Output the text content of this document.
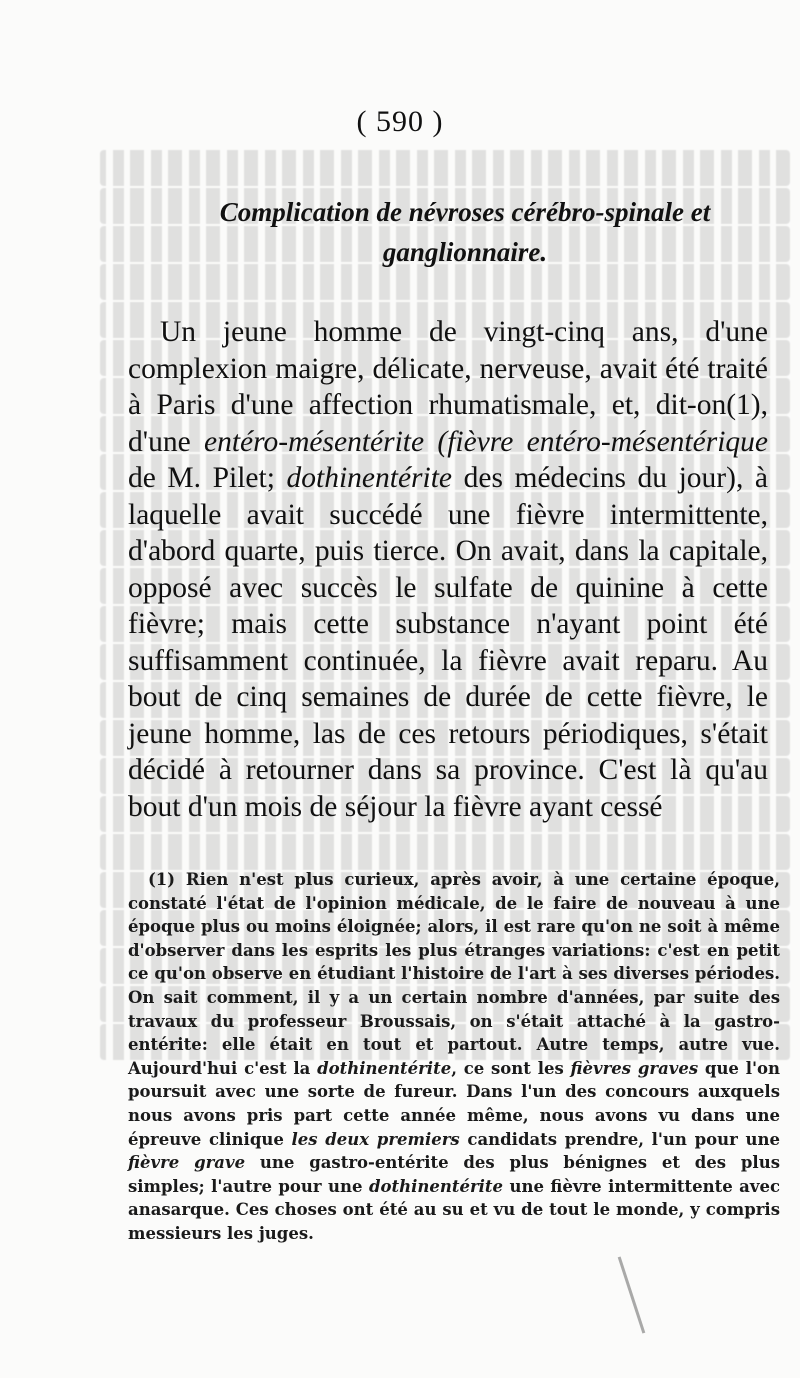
( 590 )
Complication de névroses cérébro-spinale et
ganglionnaire.

Un jeune homme de vingt-cinq ans, d'une complexion maigre, délicate, nerveuse, avait été traité à Paris d'une affection rhumatismale, et, dit-on(1), d'une entéro-mésentérite (fièvre entéro-mésentérique de M. Pilet; dothinentérite des médecins du jour), à laquelle avait succédé une fièvre intermittente, d'abord quarte, puis tierce. On avait, dans la capitale, opposé avec succès le sulfate de quinine à cette fièvre; mais cette substance n'ayant point été suffisamment continuée, la fièvre avait reparu. Au bout de cinq semaines de durée de cette fièvre, le jeune homme, las de ces retours périodiques, s'était décidé à retourner dans sa province. C'est là qu'au bout d'un mois de séjour la fièvre ayant cessé

(1) Rien n'est plus curieux, après avoir, à une certaine époque, constaté l'état de l'opinion médicale, de le faire de nouveau à une époque plus ou moins éloignée; alors, il est rare qu'on ne soit à même d'observer dans les esprits les plus étranges variations: c'est en petit ce qu'on observe en étudiant l'histoire de l'art à ses diverses périodes. On sait comment, il y a un certain nombre d'années, par suite des travaux du professeur Broussais, on s'était attaché à la gastro-entérite: elle était en tout et partout. Autre temps, autre vue. Aujourd'hui c'est la dothinentérite, ce sont les fièvres graves que l'on poursuit avec une sorte de fureur. Dans l'un des concours auxquels nous avons pris part cette année même, nous avons vu dans une épreuve clinique les deux premiers candidats prendre, l'un pour une fièvre grave une gastro-entérite des plus bénignes et des plus simples; l'autre pour une dothinentérite une fièvre intermittente avec anasarque. Ces choses ont été au su et vu de tout le monde, y compris messieurs les juges.
